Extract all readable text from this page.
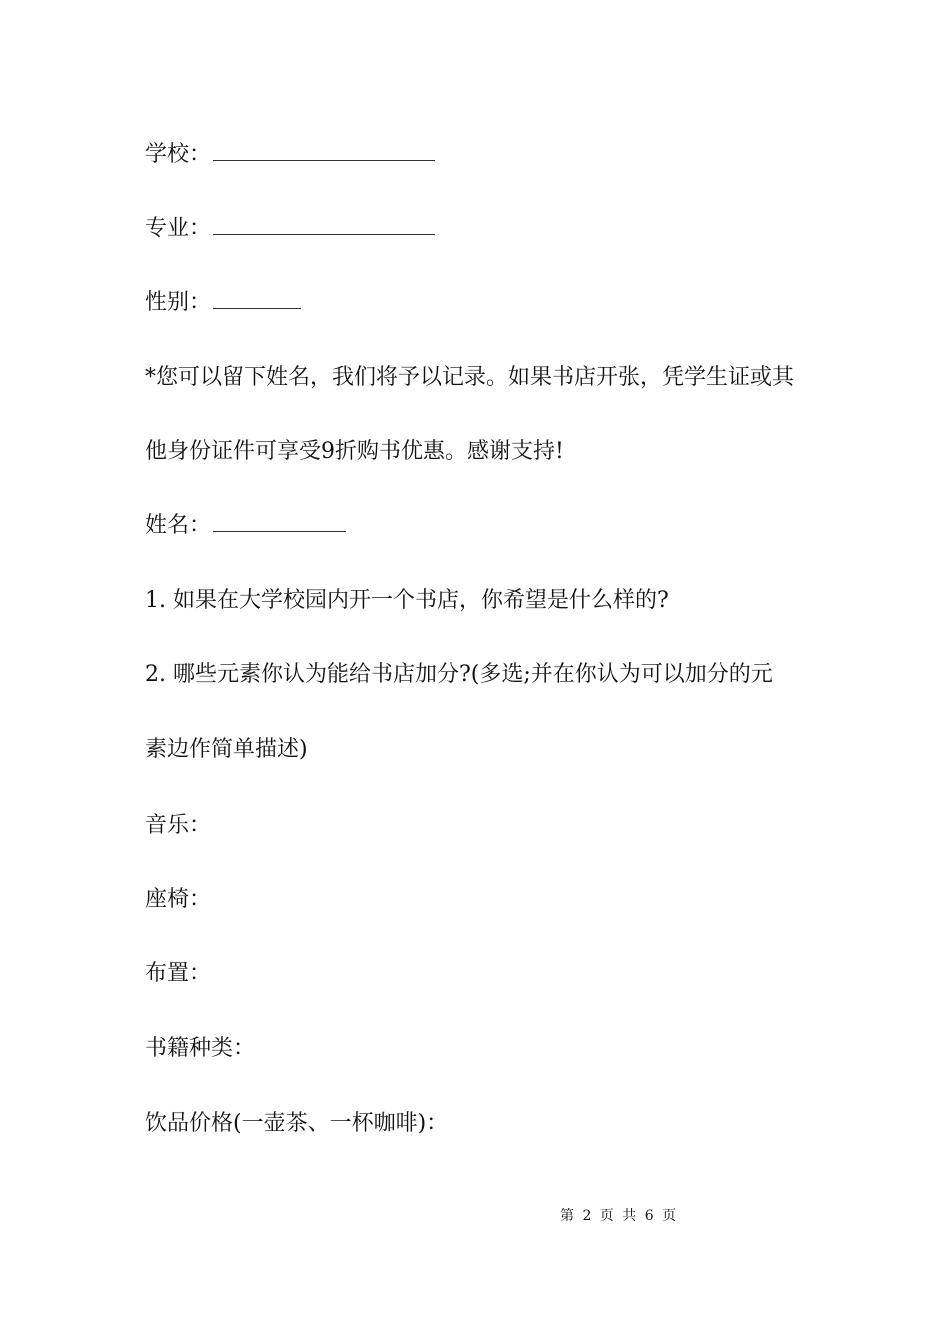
学校：
专业：
性别：
*您可以留下姓名，我们将予以记录。如果书店开张，凭学生证或其
他身份证件可享受9折购书优惠。感谢支持!
姓名：
1. 如果在大学校园内开一个书店，你希望是什么样的?
2. 哪些元素你认为能给书店加分?(多选;并在你认为可以加分的元
素边作简单描述)
音乐：
座椅：
布置：
书籍种类：
饮品价格(一壶茶、一杯咖啡)：
第 2 页 共 6 页
